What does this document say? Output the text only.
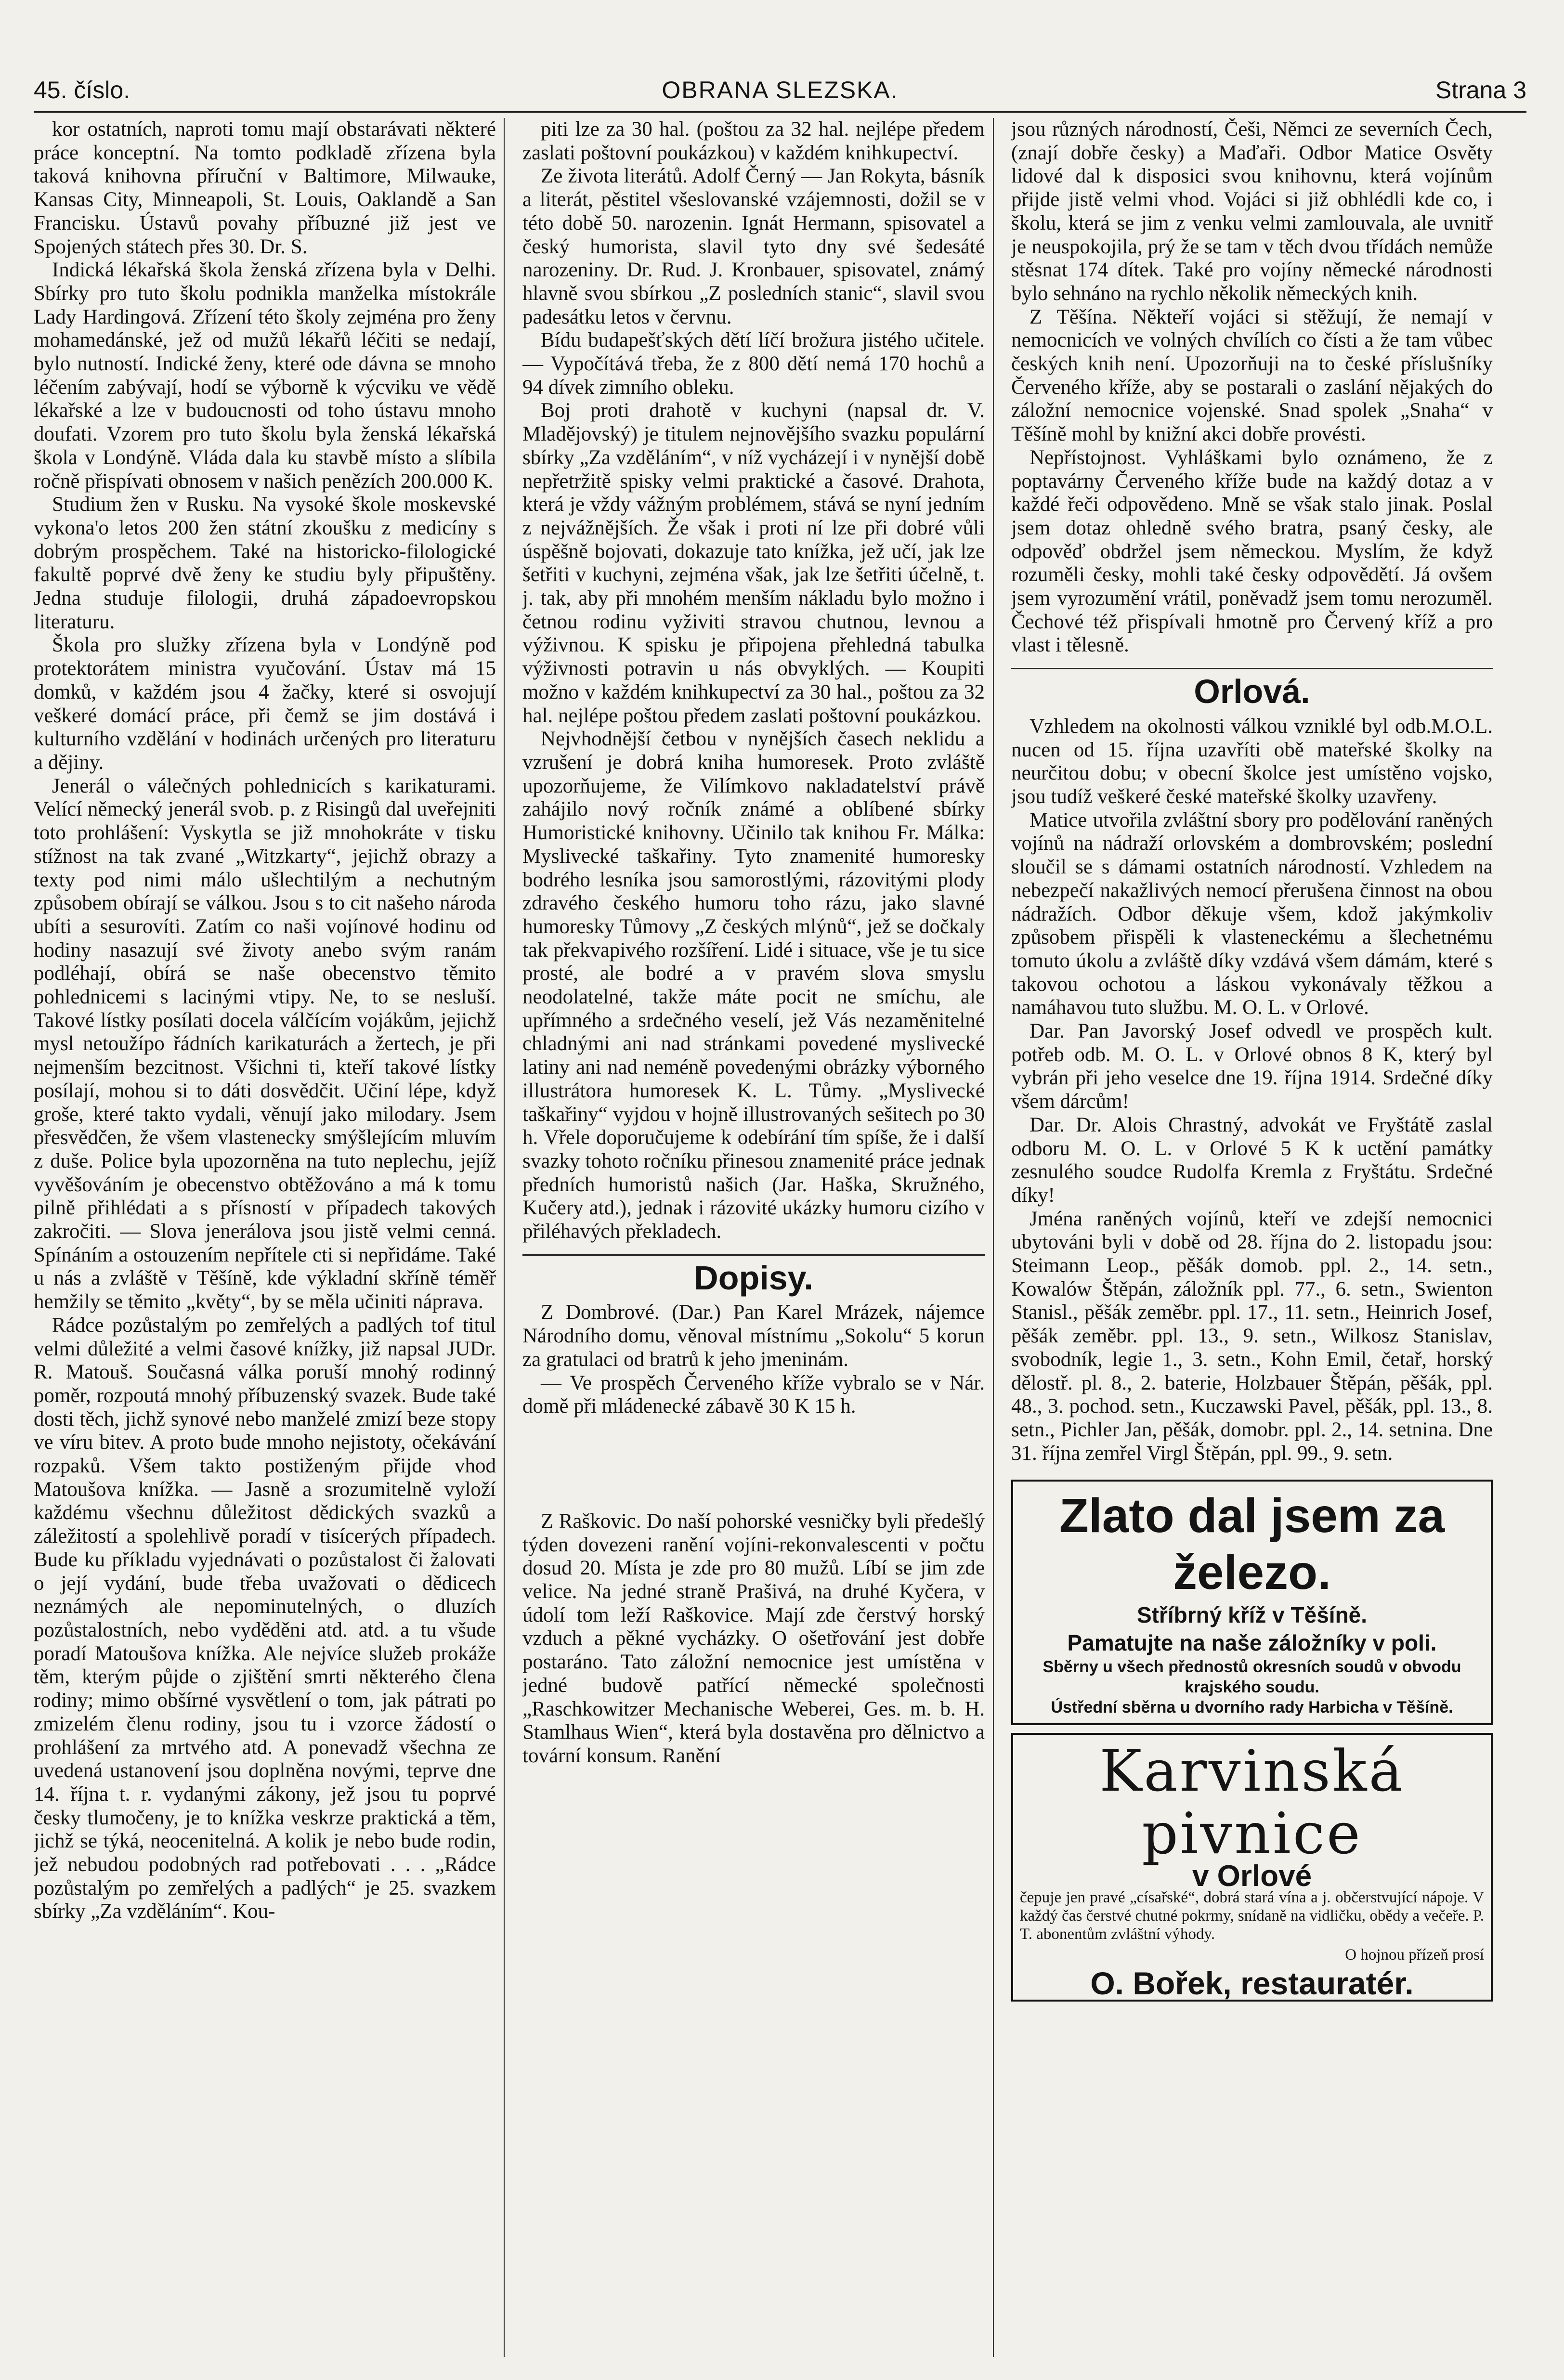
45. číslo.	OBRANA SLEZSKA.	Strana 3

kor ostatních, naproti tomu mají obstarávati některé práce konceptní. Na tomto podkladě zřízena byla taková knihovna příruční v Baltimore, Milwauke, Kansas City, Minneapoli, St. Louis, Oaklandě a San Francisku. Ústavů povahy příbuzné již jest ve Spojených státech přes 30. Dr. S.

Indická lékařská škola ženská zřízena byla v Delhi. Sbírky pro tuto školu podnikla manželka místokrále Lady Hardingová. Zřízení této školy zejména pro ženy mohamedánské, jež od mužů lékařů léčiti se nedají, bylo nutností. Indické ženy, které ode dávna se mnoho léčením zabývají, hodí se výborně k výcviku ve vědě lékařské a lze v budoucnosti od toho ústavu mnoho doufati. Vzorem pro tuto školu byla ženská lékařská škola v Londýně. Vláda dala ku stavbě místo a slíbila ročně přispívati obnosem v našich penězích 200.000 K.

Studium žen v Rusku. Na vysoké škole moskevské vykona'o letos 200 žen státní zkoušku z medicíny s dobrým prospěchem. Také na historicko-filologické fakultě poprvé dvě ženy ke studiu byly připuštěny. Jedna studuje filologii, druhá západoevropskou literaturu.

Škola pro služky zřízena byla v Londýně pod protektorátem ministra vyučování. Ústav má 15 domků, v každém jsou 4 žačky, které si osvojují veškeré domácí práce, při čemž se jim dostává i kulturního vzdělání v hodinách určených pro literaturu a dějiny.

Jenerál o válečných pohlednicích s karikaturami. Velící německý jenerál svob. p. z Risingů dal uveřejniti toto prohlášení: Vyskytla se již mnohokráte v tisku stížnost na tak zvané „Witzkarty“, jejichž obrazy a texty pod nimi málo ušlechtilým a nechutným způsobem obírají se válkou. Jsou s to cit našeho národa ubíti a sesurovíti. Zatím co naši vojínové hodinu od hodiny nasazují své životy anebo svým ranám podléhají, obírá se naše obecenstvo těmito pohlednicemi s lacinými vtipy. Ne, to se nesluší. Takové lístky posílati docela válčícím vojákům, jejichž mysl netoužípo řádních karikaturách a žertech, je při nejmenším bezcitnost. Všichni ti, kteří takové lístky posílají, mohou si to dáti dosvědčit. Učiní lépe, když groše, které takto vydali, věnují jako milodary. Jsem přesvědčen, že všem vlastenecky smýšlejícím mluvím z duše. Police byla upozorněna na tuto neplechu, jejíž vyvěšováním je obecenstvo obtěžováno a má k tomu pilně přihlédati a s přísností v případech takových zakročiti. — Slova jenerálova jsou jistě velmi cenná. Spínáním a ostouzením nepřítele cti si nepřidáme. Také u nás a zvláště v Těšíně, kde výkladní skříně téměř hemžily se těmito „květy“, by se měla učiniti náprava.

Rádce pozůstalým po zemřelých a padlých tof titul velmi důležité a velmi časové knížky, již napsal JUDr. R. Matouš. Současná válka poruší mnohý rodinný poměr, rozpoutá mnohý příbuzenský svazek. Bude také dosti těch, jichž synové nebo manželé zmizí beze stopy ve víru bitev. A proto bude mnoho nejistoty, očekávání rozpaků. Všem takto postiženým přijde vhod Matoušova knížka. — Jasně a srozumitelně vyloží každému všechnu důležitost dědických svazků a záležitostí a spolehlivě poradí v tisícerých případech. Bude ku příkladu vyjednávati o pozůstalost či žalovati o její vydání, bude třeba uvažovati o dědicech neznámých ale nepominutelných, o dluzích pozůstalostních, nebo vyděděni atd. atd. a tu všude poradí Matoušova knížka. Ale nejvíce služeb prokáže těm, kterým půjde o zjištění smrti některého člena rodiny; mimo obšírné vysvětlení o tom, jak pátrati po zmizelém členu rodiny, jsou tu i vzorce žádostí o prohlášení za mrtvého atd. A ponevadž všechna ze uvedená ustanovení jsou doplněna novými, teprve dne 14. října t. r. vydanými zákony, jež jsou tu poprvé česky tlumočeny, je to knížka veskrze praktická a těm, jichž se týká, neocenitelná. A kolik je nebo bude rodin, jež nebudou podobných rad potřebovati . . . „Rádce pozůstalým po zemřelých a padlých“ je 25. svazkem sbírky „Za vzděláním“. Kou-

piti lze za 30 hal. (poštou za 32 hal. nejlépe předem zaslati poštovní poukázkou) v každém knihkupectví.

Ze života literátů. Adolf Černý — Jan Rokyta, básník a literát, pěstitel všeslovanské vzájemnosti, dožil se v této době 50. narozenin. Ignát Hermann, spisovatel a český humorista, slavil tyto dny své šedesáté narozeniny. Dr. Rud. J. Kronbauer, spisovatel, známý hlavně svou sbírkou „Z posledních stanic“, slavil svou padesátku letos v červnu.

Bídu budapešťských dětí líčí brožura jistého učitele. — Vypočítává třeba, že z 800 dětí nemá 170 hochů a 94 dívek zimního obleku.

Boj proti drahotě v kuchyni (napsal dr. V. Mladějovský) je titulem nejnovějšího svazku populární sbírky „Za vzděláním“, v níž vycházejí i v nynější době nepřetržitě spisky velmi praktické a časové. Drahota, která je vždy vážným problémem, stává se nyní jedním z nejvážnějších. Že však i proti ní lze při dobré vůli úspěšně bojovati, dokazuje tato knížka, jež učí, jak lze šetřiti v kuchyni, zejména však, jak lze šetřiti účelně, t. j. tak, aby při mnohém menším nákladu bylo možno i četnou rodinu vyživiti stravou chutnou, levnou a výživnou. K spisku je připojena přehledná tabulka výživnosti potravin u nás obvyklých. — Koupiti možno v každém knihkupectví za 30 hal., poštou za 32 hal. nejlépe poštou předem zaslati poštovní poukázkou.

Nejvhodnější četbou v nynějších časech neklidu a vzrušení je dobrá kniha humoresek. Proto zvláště upozorňujeme, že Vilímkovo nakladatelství právě zahájilo nový ročník známé a oblíbené sbírky Humoristické knihovny. Učinilo tak knihou Fr. Málka: Myslivecké taškařiny. Tyto znamenité humoresky bodrého lesníka jsou samorostlými, rázovitými plody zdravého českého humoru toho rázu, jako slavné humoresky Tůmovy „Z českých mlýnů“, jež se dočkaly tak překvapivého rozšíření. Lidé i situace, vše je tu sice prosté, ale bodré a v pravém slova smyslu neodolatelné, takže máte pocit ne smíchu, ale upřímného a srdečného veselí, jež Vás nezaměnitelné chladnými ani nad stránkami povedené myslivecké latiny ani nad neméně povedenými obrázky výborného illustrátora humoresek K. L. Tůmy. „Myslivecké taškařiny“ vyjdou v hojně illustrovaných sešitech po 30 h. Vřele doporučujeme k odebírání tím spíše, že i další svazky tohoto ročníku přinesou znamenité práce jednak předních humoristů našich (Jar. Haška, Skružného, Kučery atd.), jednak i rázovité ukázky humoru cizího v přiléhavých překladech.

Dopisy.

Z Dombrové. (Dar.) Pan Karel Mrázek, nájemce Národního domu, věnoval místnímu „Sokolu“ 5 korun za gratulaci od bratrů k jeho jmeninám.

— Ve prospěch Červeného kříže vybralo se v Nár. domě při mládenecké zábavě 30 K 15 h.

Z Raškovic. Do naší pohorské vesničky byli předešlý týden dovezeni ranění vojíni-rekonvalescenti v počtu dosud 20. Místa je zde pro 80 mužů. Líbí se jim zde velice. Na jedné straně Prašivá, na druhé Kyčera, v údolí tom leží Raškovice. Mají zde čerstvý horský vzduch a pěkné vycházky. O ošetřování jest dobře postaráno. Tato záložní nemocnice jest umístěna v jedné budově patřící německé společnosti „Raschkowitzer Mechanische Weberei, Ges. m. b. H. Stamlhaus Wien“, která byla dostavěna pro dělnictvo a tovární konsum. Ranění

jsou různých národností, Češi, Němci ze severních Čech, (znají dobře česky) a Maďaři. Odbor Matice Osvěty lidové dal k disposici svou knihovnu, která vojínům přijde jistě velmi vhod. Vojáci si již obhlédli kde co, i školu, která se jim z venku velmi zamlouvala, ale uvnitř je neuspokojila, prý že se tam v těch dvou třídách nemůže stěsnat 174 dítek. Také pro vojíny německé národnosti bylo sehnáno na rychlo několik německých knih.

Z Těšína. Někteří vojáci si stěžují, že nemají v nemocnicích ve volných chvílích co čísti a že tam vůbec českých knih není. Upozorňuji na to české příslušníky Červeného kříže, aby se postarali o zaslání nějakých do záložní nemocnice vojenské. Snad spolek „Snaha“ v Těšíně mohl by knižní akci dobře provésti.

Nepřístojnost. Vyhláškami bylo oznámeno, že z poptavárny Červeného kříže bude na každý dotaz a v každé řeči odpovědeno. Mně se však stalo jinak. Poslal jsem dotaz ohledně svého bratra, psaný česky, ale odpověď obdržel jsem německou. Myslím, že když rozuměli česky, mohli také česky odpovědětí. Já ovšem jsem vyrozumění vrátil, poněvadž jsem tomu nerozuměl. Čechové též přispívali hmotně pro Červený kříž a pro vlast i tělesně.

Orlová.

Vzhledem na okolnosti válkou vzniklé byl odb.M.O.L. nucen od 15. října uzavříti obě mateřské školky na neurčitou dobu; v obecní školce jest umístěno vojsko, jsou tudíž veškeré české mateřské školky uzavřeny.

Matice utvořila zvláštní sbory pro podělování raněných vojínů na nádraží orlovském a dombrovském; poslední sloučil se s dámami ostatních národností. Vzhledem na nebezpečí nakažlivých nemocí přerušena činnost na obou nádražích. Odbor děkuje všem, kdož jakýmkoliv způsobem přispěli k vlasteneckému a šlechetnému tomuto úkolu a zvláště díky vzdává všem dámám, které s takovou ochotou a láskou vykonávaly těžkou a namáhavou tuto službu. M. O. L. v Orlové.

Dar. Pan Javorský Josef odvedl ve prospěch kult. potřeb odb. M. O. L. v Orlové obnos 8 K, který byl vybrán při jeho veselce dne 19. října 1914. Srdečné díky všem dárcům!

Dar. Dr. Alois Chrastný, advokát ve Fryštátě zaslal odboru M. O. L. v Orlové 5 K k uctění památky zesnulého soudce Rudolfa Kremla z Fryštátu. Srdečné díky!

Jména raněných vojínů, kteří ve zdejší nemocnici ubytováni byli v době od 28. října do 2. listopadu jsou: Steimann Leop., pěšák domob. ppl. 2., 14. setn., Kowalów Štěpán, záložník ppl. 77., 6. setn., Swienton Stanisl., pěšák zeměbr. ppl. 17., 11. setn., Heinrich Josef, pěšák zeměbr. ppl. 13., 9. setn., Wilkosz Stanislav, svobodník, legie 1., 3. setn., Kohn Emil, četař, horský dělostř. pl. 8., 2. baterie, Holzbauer Štěpán, pěšák, ppl. 48., 3. pochod. setn., Kuczawski Pavel, pěšák, ppl. 13., 8. setn., Pichler Jan, pěšák, domobr. ppl. 2., 14. setnina. Dne 31. října zemřel Virgl Štěpán, ppl. 99., 9. setn.

Zlato dal jsem za železo.
Stříbrný kříž v Těšíně.
Pamatujte na naše záložníky v poli.
Sběrny u všech přednostů okresních soudů v obvodu krajského soudu.
Ústřední sběrna u dvorního rady Harbicha v Těšíně.
Karvinská pivnice
v Orlové
čepuje jen pravé „císařské“, dobrá stará vína a j. občerstvující nápoje. V každý čas čerstvé chutné pokrmy, snídaně na vidličku, obědy a večeře. P. T. abonentům zvláštní výhody.
O hojnou přízeň prosí
O. Bořek, restauratér.
